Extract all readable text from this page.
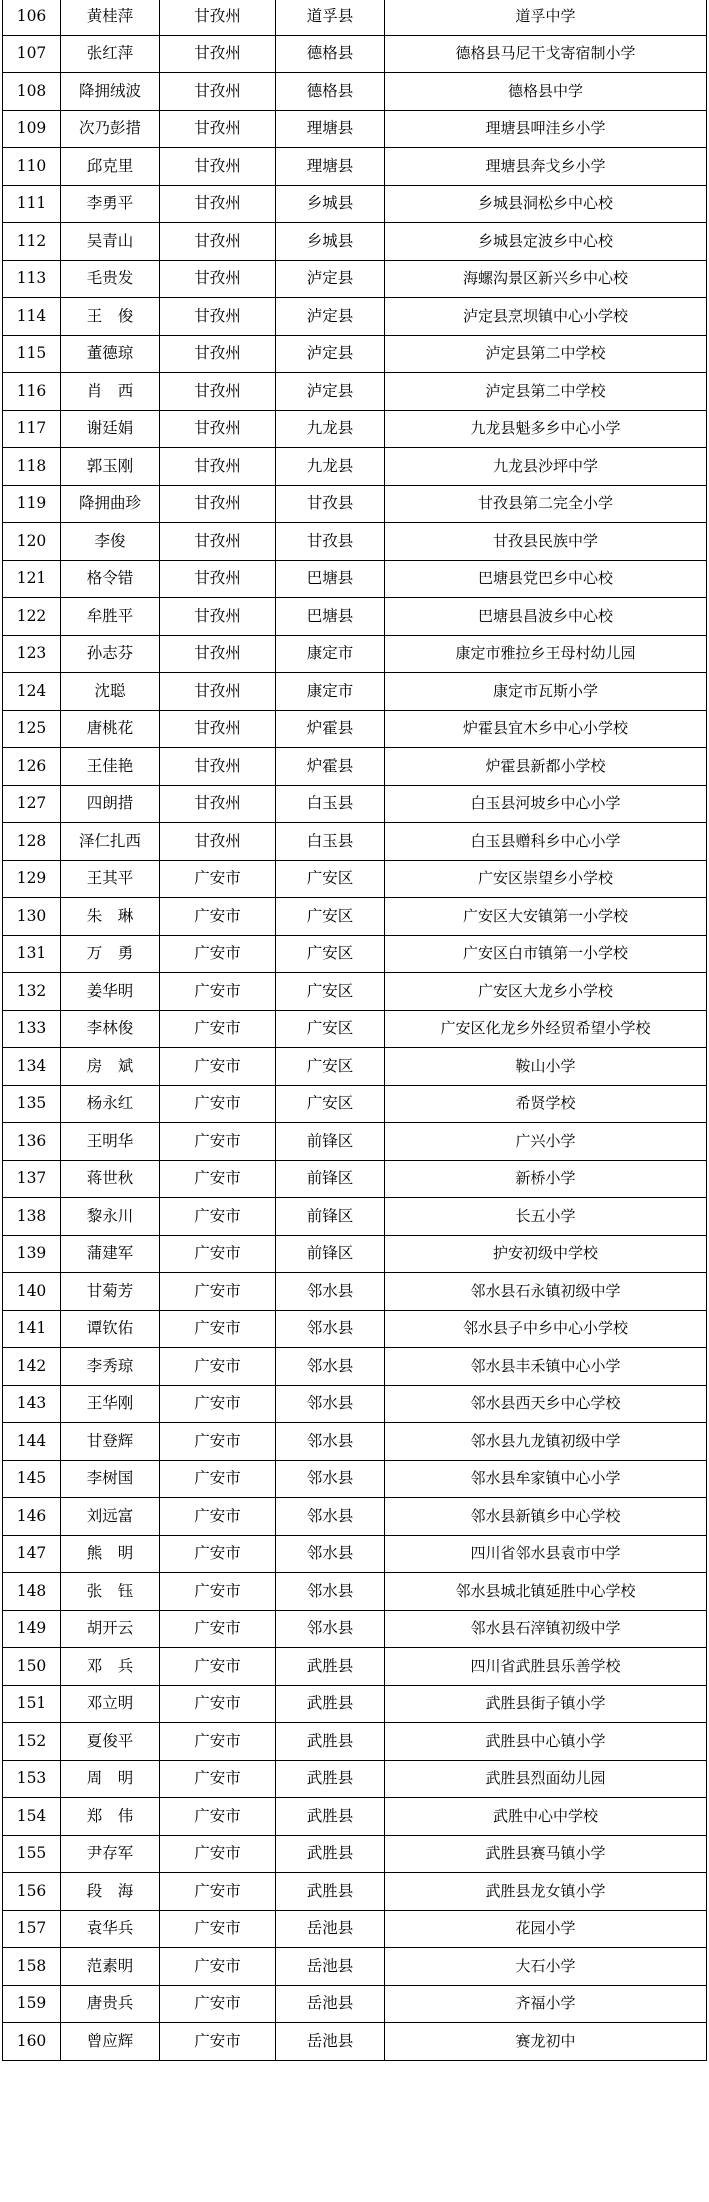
106	黄桂萍	甘孜州	道孚县	道孚中学
107	张红萍	甘孜州	德格县	德格县马尼干戈寄宿制小学
108	降拥绒波	甘孜州	德格县	德格县中学
109	次乃彭措	甘孜州	理塘县	理塘县呷洼乡小学
110	邱克里	甘孜州	理塘县	理塘县奔戈乡小学
111	李勇平	甘孜州	乡城县	乡城县洞松乡中心校
112	吴青山	甘孜州	乡城县	乡城县定波乡中心校
113	毛贵发	甘孜州	泸定县	海螺沟景区新兴乡中心校
114	王　俊	甘孜州	泸定县	泸定县烹坝镇中心小学校
115	董德琼	甘孜州	泸定县	泸定县第二中学校
116	肖　西	甘孜州	泸定县	泸定县第二中学校
117	谢廷娟	甘孜州	九龙县	九龙县魁多乡中心小学
118	郭玉刚	甘孜州	九龙县	九龙县沙坪中学
119	降拥曲珍	甘孜州	甘孜县	甘孜县第二完全小学
120	李俊	甘孜州	甘孜县	甘孜县民族中学
121	格令错	甘孜州	巴塘县	巴塘县党巴乡中心校
122	牟胜平	甘孜州	巴塘县	巴塘县昌波乡中心校
123	孙志芬	甘孜州	康定市	康定市雅拉乡王母村幼儿园
124	沈聪	甘孜州	康定市	康定市瓦斯小学
125	唐桃花	甘孜州	炉霍县	炉霍县宜木乡中心小学校
126	王佳艳	甘孜州	炉霍县	炉霍县新都小学校
127	四朗措	甘孜州	白玉县	白玉县河坡乡中心小学
128	泽仁扎西	甘孜州	白玉县	白玉县赠科乡中心小学
129	王其平	广安市	广安区	广安区崇望乡小学校
130	朱　琳	广安市	广安区	广安区大安镇第一小学校
131	万　勇	广安市	广安区	广安区白市镇第一小学校
132	姜华明	广安市	广安区	广安区大龙乡小学校
133	李林俊	广安市	广安区	广安区化龙乡外经贸希望小学校
134	房　斌	广安市	广安区	鞍山小学
135	杨永红	广安市	广安区	希贤学校
136	王明华	广安市	前锋区	广兴小学
137	蒋世秋	广安市	前锋区	新桥小学
138	黎永川	广安市	前锋区	长五小学
139	蒲建军	广安市	前锋区	护安初级中学校
140	甘菊芳	广安市	邻水县	邻水县石永镇初级中学
141	谭钦佑	广安市	邻水县	邻水县子中乡中心小学校
142	李秀琼	广安市	邻水县	邻水县丰禾镇中心小学
143	王华刚	广安市	邻水县	邻水县西天乡中心学校
144	甘登辉	广安市	邻水县	邻水县九龙镇初级中学
145	李树国	广安市	邻水县	邻水县牟家镇中心小学
146	刘远富	广安市	邻水县	邻水县新镇乡中心学校
147	熊　明	广安市	邻水县	四川省邻水县袁市中学
148	张　钰	广安市	邻水县	邻水县城北镇延胜中心学校
149	胡开云	广安市	邻水县	邻水县石滓镇初级中学
150	邓　兵	广安市	武胜县	四川省武胜县乐善学校
151	邓立明	广安市	武胜县	武胜县街子镇小学
152	夏俊平	广安市	武胜县	武胜县中心镇小学
153	周　明	广安市	武胜县	武胜县烈面幼儿园
154	郑　伟	广安市	武胜县	武胜中心中学校
155	尹存军	广安市	武胜县	武胜县赛马镇小学
156	段　海	广安市	武胜县	武胜县龙女镇小学
157	袁华兵	广安市	岳池县	花园小学
158	范素明	广安市	岳池县	大石小学
159	唐贵兵	广安市	岳池县	齐福小学
160	曾应辉	广安市	岳池县	赛龙初中
